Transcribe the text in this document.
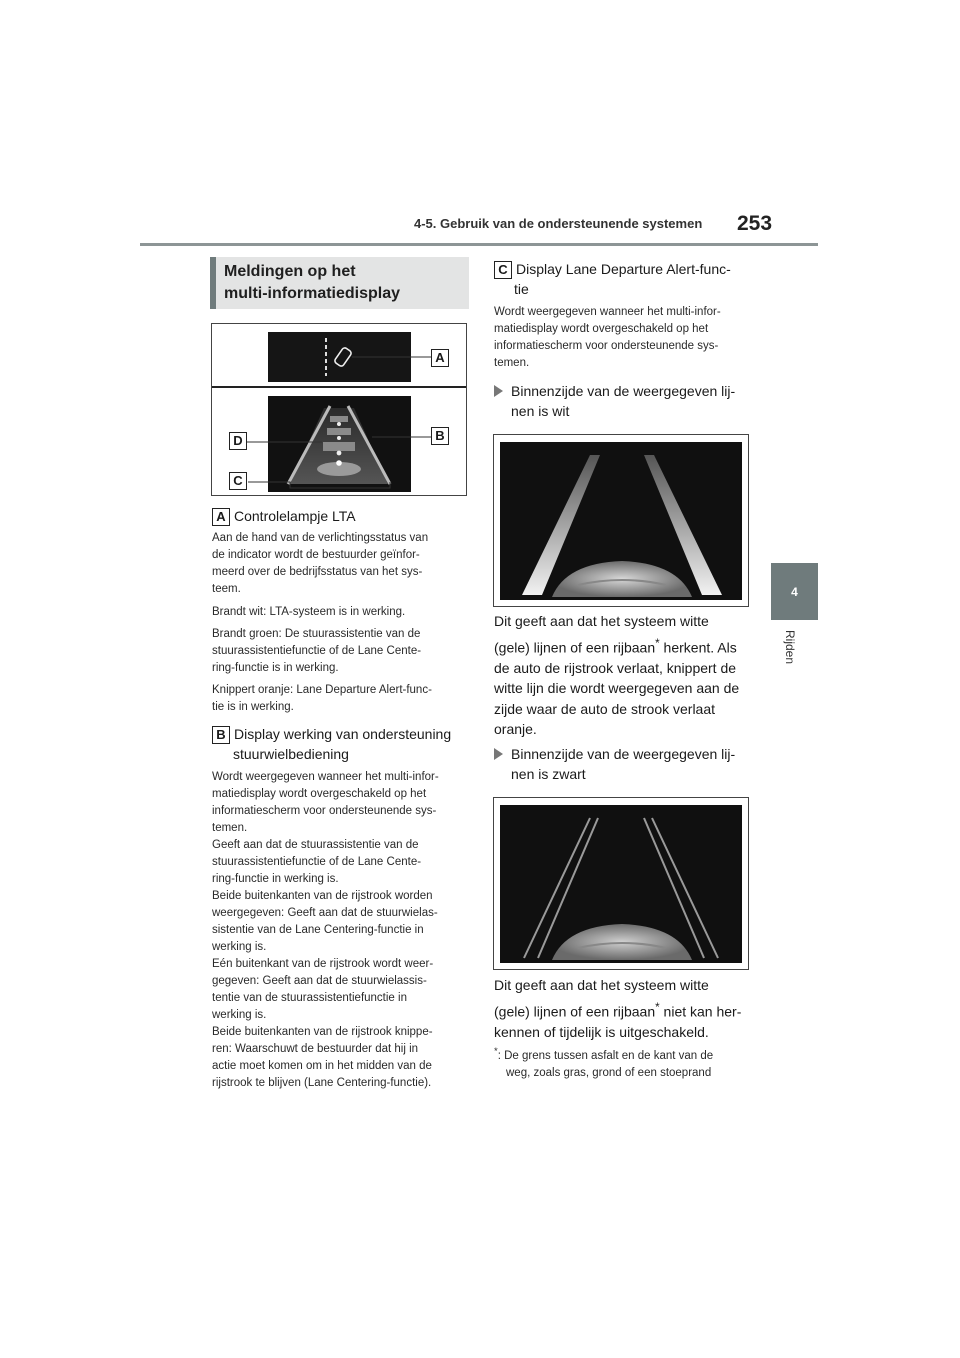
4-5. Gebruik van de ondersteunende systemen 253
4
Rijden
Meldingen op het
multi-informatiedisplay
A
B
D
C
A Controlelampje LTA

Aan de hand van de verlichtingsstatus van

de indicator wordt de bestuurder geïnfor-

meerd over de bedrijfsstatus van het sys-

teem.

Brandt wit: LTA-systeem is in werking.

Brandt groen: De stuurassistentie van de

stuurassistentiefunctie of de Lane Cente-

ring-functie is in werking.

Knippert oranje: Lane Departure Alert-func-

tie is in werking.

B Display werking van ondersteuning
stuurwielbediening

Wordt weergegeven wanneer het multi-infor-

matiedisplay wordt overgeschakeld op het

informatiescherm voor ondersteunende sys-

temen.

Geeft aan dat de stuurassistentie van de

stuurassistentiefunctie of de Lane Cente-

ring-functie in werking is.

Beide buitenkanten van de rijstrook worden

weergegeven: Geeft aan dat de stuurwielas-

sistentie van de Lane Centering-functie in

werking is.

Eén buitenkant van de rijstrook wordt weer-

gegeven: Geeft aan dat de stuurwielassis-

tentie van de stuurassistentiefunctie in

werking is.

Beide buitenkanten van de rijstrook knippe-

ren: Waarschuwt de bestuurder dat hij in

actie moet komen om in het midden van de

rijstrook te blijven (Lane Centering-functie).

C Display Lane Departure Alert-func-
tie

Wordt weergegeven wanneer het multi-infor-

matiedisplay wordt overgeschakeld op het

informatiescherm voor ondersteunende sys-

temen.

Binnenzijde van de weergegeven lij-
nen is wit

Dit geeft aan dat het systeem witte

(gele) lijnen of een rijbaan* herkent. Als

de auto de rijstrook verlaat, knippert de

witte lijn die wordt weergegeven aan de

zijde waar de auto de strook verlaat

oranje.

Binnenzijde van de weergegeven lij-
nen is zwart

Dit geeft aan dat het systeem witte

(gele) lijnen of een rijbaan* niet kan her-

kennen of tijdelijk is uitgeschakeld.

*: De grens tussen asfalt en de kant van de

weg, zoals gras, grond of een stoeprand
